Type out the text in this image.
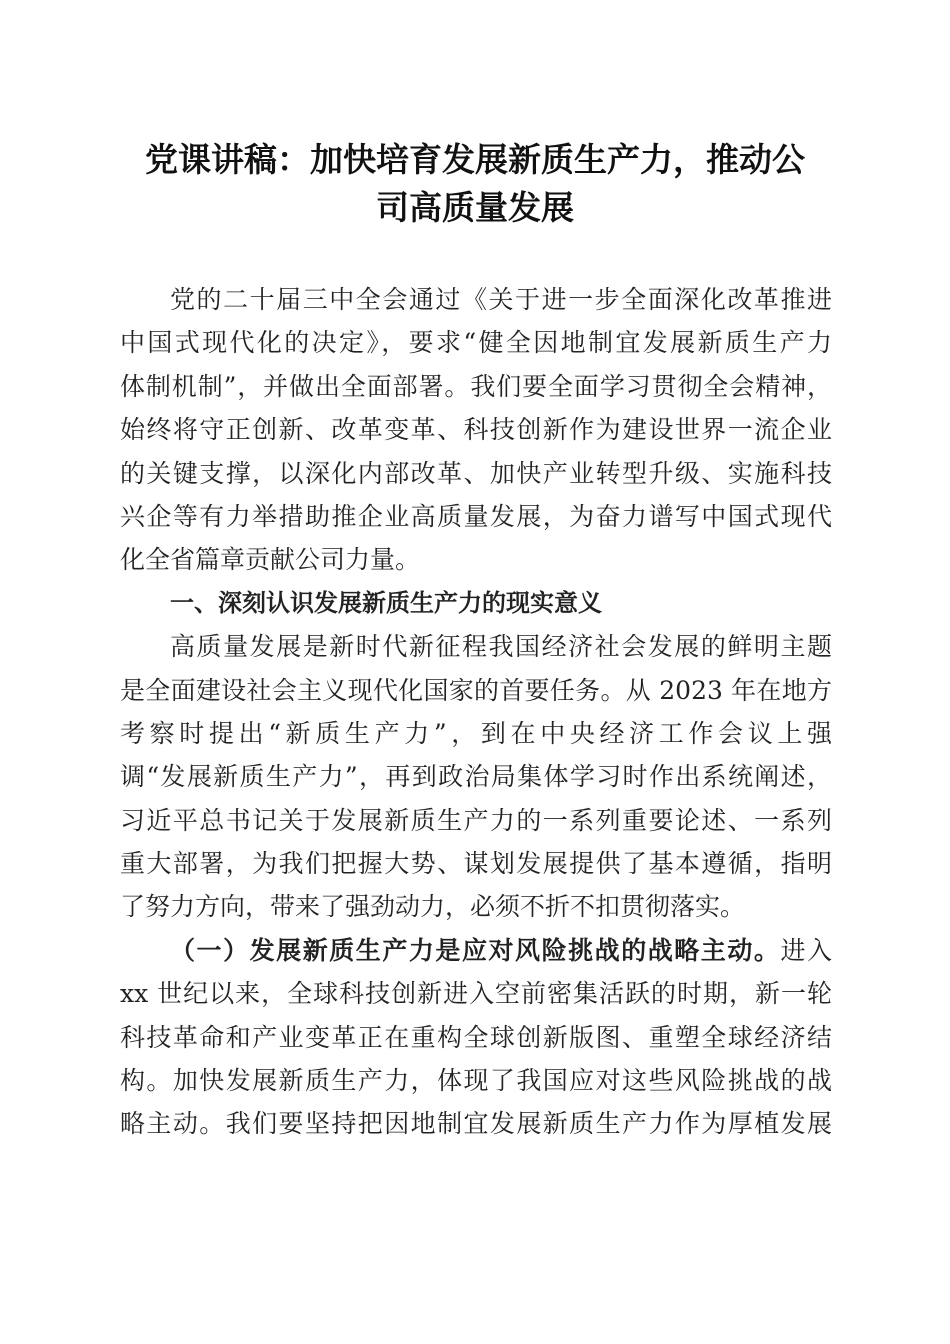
党课讲稿：加快培育发展新质生产力，推动公
司高质量发展
党的二十届三中全会通过《关于进一步全面深化改革推进
中国式现代化的决定》，要求“健全因地制宜发展新质生产力
体制机制”，并做出全面部署。我们要全面学习贯彻全会精神，
始终将守正创新、改革变革、科技创新作为建设世界一流企业
的关键支撑，以深化内部改革、加快产业转型升级、实施科技
兴企等有力举措助推企业高质量发展，为奋力谱写中国式现代
化全省篇章贡献公司力量。
一、深刻认识发展新质生产力的现实意义
高质量发展是新时代新征程我国经济社会发展的鲜明主题
是全面建设社会主义现代化国家的首要任务。从 2023 年在地方
考察时提出“新质生产力”，到在中央经济工作会议上强
调“发展新质生产力”，再到政治局集体学习时作出系统阐述，
习近平总书记关于发展新质生产力的一系列重要论述、一系列
重大部署，为我们把握大势、谋划发展提供了基本遵循，指明
了努力方向，带来了强劲动力，必须不折不扣贯彻落实。
（一）发展新质生产力是应对风险挑战的战略主动。进入
xx 世纪以来，全球科技创新进入空前密集活跃的时期，新一轮
科技革命和产业变革正在重构全球创新版图、重塑全球经济结
构。加快发展新质生产力，体现了我国应对这些风险挑战的战
略主动。我们要坚持把因地制宜发展新质生产力作为厚植发展
